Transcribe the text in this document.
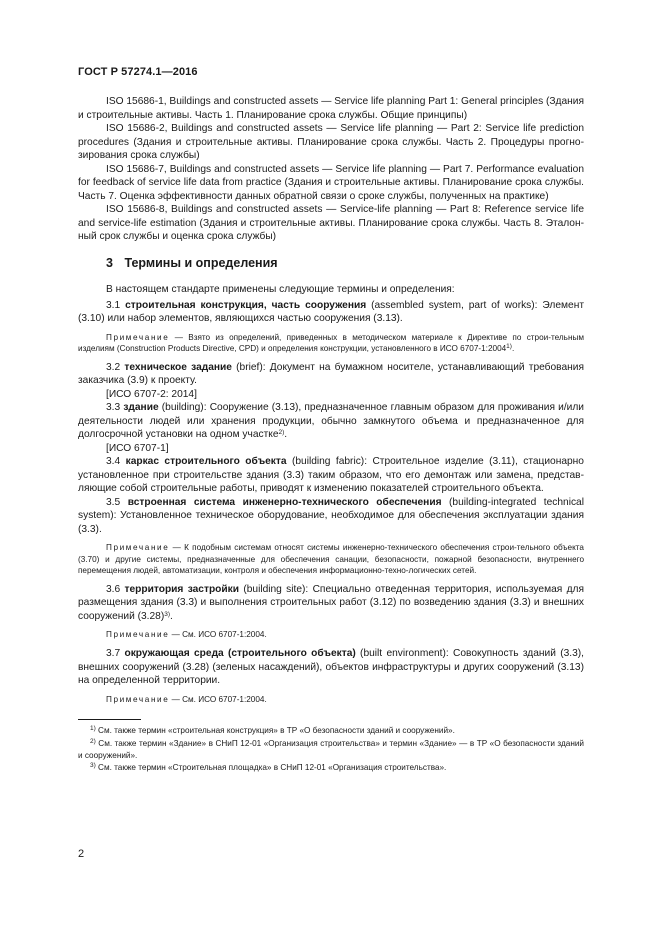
ГОСТ Р 57274.1—2016

ISO 15686-1, Buildings and constructed assets — Service life planning Part 1: General principles (Здания и строительные активы. Часть 1. Планирование срока службы. Общие принципы)

ISO 15686-2, Buildings and constructed assets — Service life planning — Part 2: Service life prediction procedures (Здания и строительные активы. Планирование срока службы. Часть 2. Процедуры прогно-зирования срока службы)

ISO 15686-7, Buildings and constructed assets — Service life planning — Part 7. Performance evaluation for feedback of service life data from practice (Здания и строительные активы. Планирование срока службы. Часть 7. Оценка эффективности данных обратной связи о сроке службы, полученных на практике)

ISO 15686-8, Buildings and constructed assets — Service-life planning — Part 8: Reference service life and service-life estimation (Здания и строительные активы. Планирование срока службы. Часть 8. Эталон-ный срок службы и оценка срока службы)

3 Термины и определения

В настоящем стандарте применены следующие термины и определения:

3.1 строительная конструкция, часть сооружения (assembled system, part of works): Элемент (3.10) или набор элементов, являющихся частью сооружения (3.13).

Примечание — Взято из определений, приведенных в методическом материале к Директиве по строи-тельным изделиям (Construction Products Directive, CPD) и определения конструкции, установленного в ИСО 6707-1:2004$^{1)}$.

3.2 техническое задание (brief): Документ на бумажном носителе, устанавливающий требования заказчика (3.9) к проекту.

[ИСО 6707-2: 2014]

3.3 здание (building): Сооружение (3.13), предназначенное главным образом для проживания и/или деятельности людей или хранения продукции, обычно замкнутого объема и предназначенное для долгосрочной установки на одном участке$^{2)}$.

[ИСО 6707-1]

3.4 каркас строительного объекта (building fabric): Строительное изделие (3.11), стационарно установленное при строительстве здания (3.3) таким образом, что его демонтаж или замена, представ-ляющие собой строительные работы, приводят к изменению показателей строительного объекта.

3.5 встроенная система инженерно-технического обеспечения (building-integrated technical system): Установленное техническое оборудование, необходимое для обеспечения эксплуатации здания (3.3).

Примечание — К подобным системам относят системы инженерно-технического обеспечения строи-тельного объекта (3.70) и другие системы, предназначенные для обеспечения санации, безопасности, пожарной безопасности, внутреннего перемещения людей, автоматизации, контроля и обеспечения информационно-техно-логических сетей.

3.6 территория застройки (building site): Специально отведенная территория, используемая для размещения здания (3.3) и выполнения строительных работ (3.12) по возведению здания (3.3) и внешних сооружений $(3.28)^{3)}$.

Примечание — См. ИСО 6707-1:2004.

3.7 окружающая среда (строительного объекта) (built environment): Совокупность зданий (3.3), внешних сооружений (3.28) (зеленых насаждений), объектов инфраструктуры и других сооружений (3.13) на определенной территории.

Примечание — См. ИСО 6707-1:2004.

$^{1)}$ См. также термин «строительная конструкция» в ТР «О безопасности зданий и сооружений».

$^{2)}$ См. также термин «Здание» в СНиП 12-01 «Организация строительства» и термин «Здание» — в ТР «О безопасности зданий и сооружений».

$^{3)}$ См. также термин «Строительная площадка» в СНиП 12-01 «Организация строительства».

2
